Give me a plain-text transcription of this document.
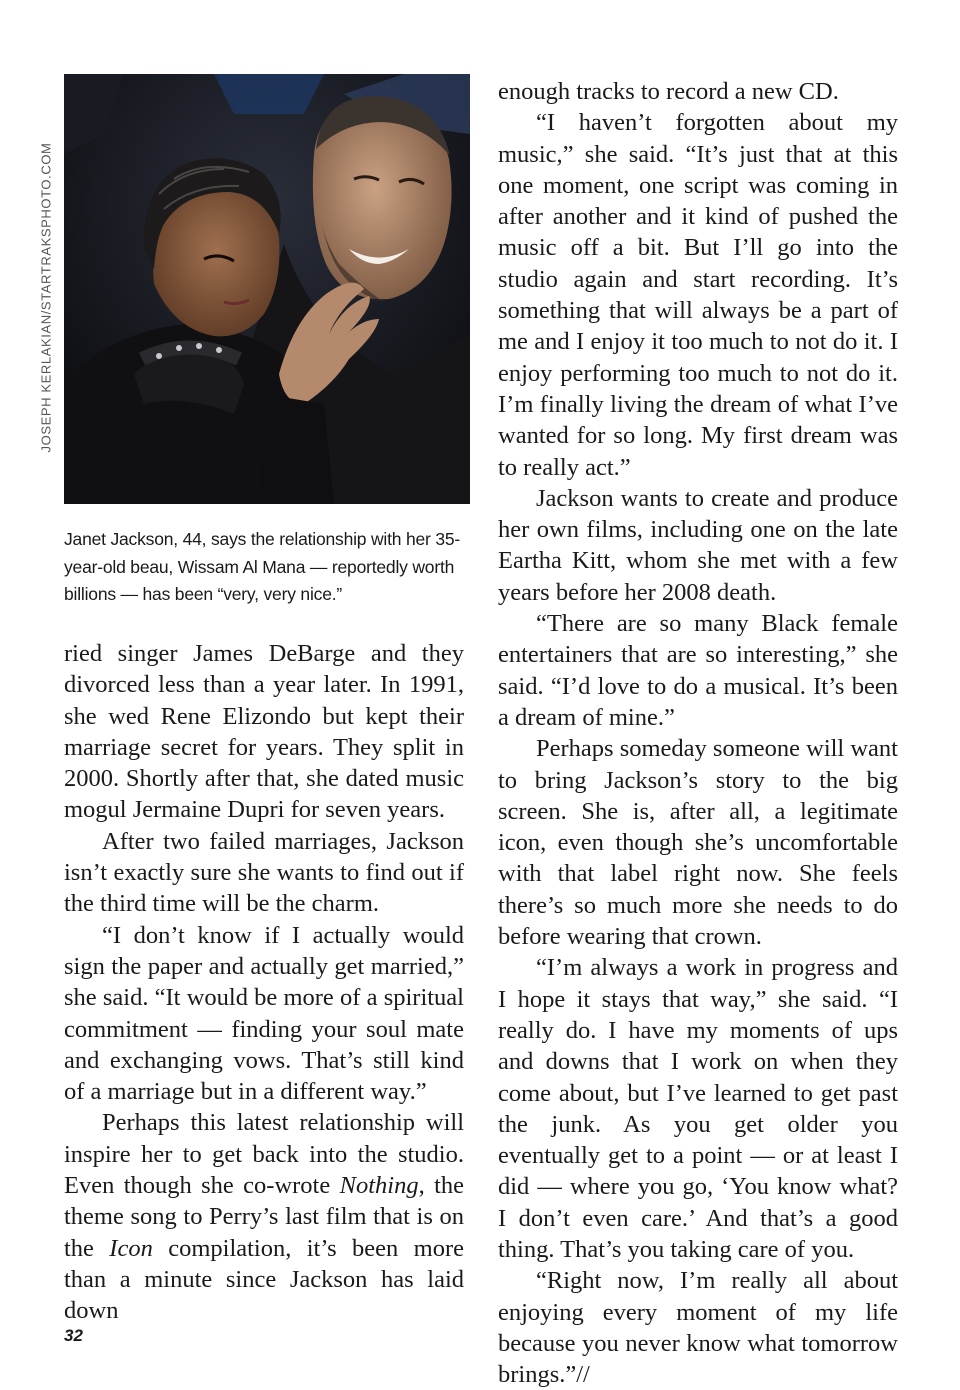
JOSEPH KERLAKIAN/STARTRAKSPHOTO.COM
Janet Jackson, 44, says the relationship with her 35-year-old beau, Wissam Al Mana — reportedly worth billions — has been “very, very nice.”

ried singer James DeBarge and they divorced less than a year later. In 1991, she wed Rene Elizondo but kept their marriage secret for years. They split in 2000. Shortly after that, she dated music mogul Jermaine Dupri for seven years.

After two failed marriages, Jackson isn’t exactly sure she wants to find out if the third time will be the charm.

“I don’t know if I actually would sign the paper and actually get married,” she said. “It would be more of a spiritual commitment — finding your soul mate and exchanging vows. That’s still kind of a marriage but in a different way.”

Perhaps this latest relationship will inspire her to get back into the studio. Even though she co-wrote Nothing, the theme song to Perry’s last film that is on the Icon compilation, it’s been more than a minute since Jackson has laid down

enough tracks to record a new CD.

“I haven’t forgotten about my music,” she said. “It’s just that at this one moment, one script was coming in after another and it kind of pushed the music off a bit. But I’ll go into the studio again and start recording. It’s something that will always be a part of me and I enjoy it too much to not do it. I enjoy performing too much to not do it. I’m finally living the dream of what I’ve wanted for so long. My first dream was to really act.”

Jackson wants to create and produce her own films, including one on the late Eartha Kitt, whom she met with a few years before her 2008 death.

“There are so many Black female entertainers that are so interesting,” she said. “I’d love to do a musical. It’s been a dream of mine.”

Perhaps someday someone will want to bring Jackson’s story to the big screen. She is, after all, a legitimate icon, even though she’s uncomfortable with that label right now. She feels there’s so much more she needs to do before wearing that crown.

“I’m always a work in progress and I hope it stays that way,” she said. “I really do. I have my moments of ups and downs that I work on when they come about, but I’ve learned to get past the junk. As you get older you eventually get to a point — or at least I did — where you go, ‘You know what? I don’t even care.’ And that’s a good thing. That’s you taking care of you.

“Right now, I’m really all about enjoying every moment of my life because you never know what tomorrow brings.”//

32
